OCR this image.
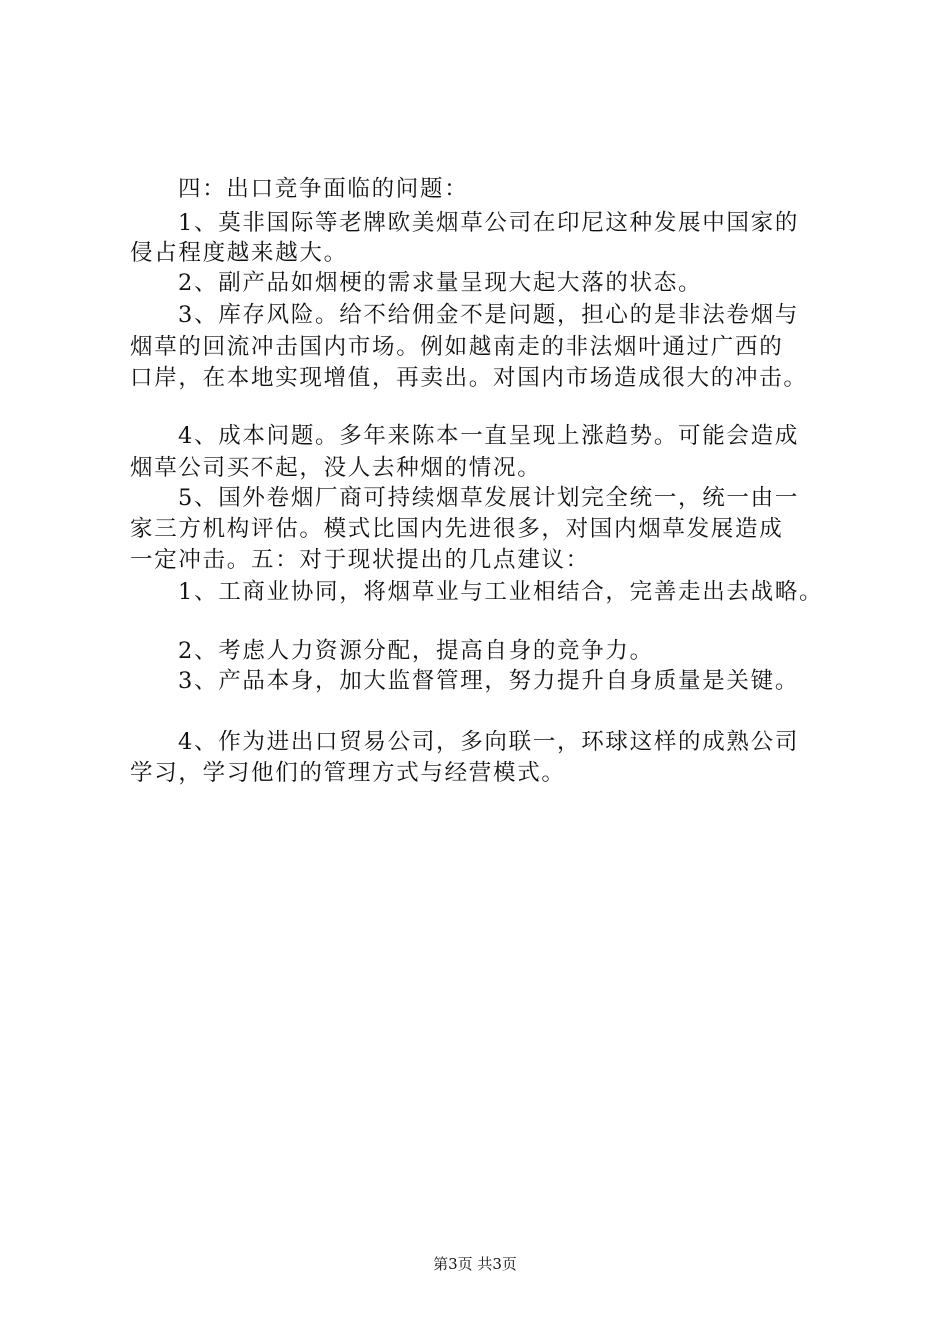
四：出口竞争面临的问题：
1、莫非国际等老牌欧美烟草公司在印尼这种发展中国家的
侵占程度越来越大。
2、副产品如烟梗的需求量呈现大起大落的状态。
3、库存风险。给不给佣金不是问题，担心的是非法卷烟与
烟草的回流冲击国内市场。例如越南走的非法烟叶通过广西的
口岸，在本地实现增值，再卖出。对国内市场造成很大的冲击。
4、成本问题。多年来陈本一直呈现上涨趋势。可能会造成
烟草公司买不起，没人去种烟的情况。
5、国外卷烟厂商可持续烟草发展计划完全统一，统一由一
家三方机构评估。模式比国内先进很多，对国内烟草发展造成
一定冲击。五：对于现状提出的几点建议：
1、工商业协同，将烟草业与工业相结合，完善走出去战略。
2、考虑人力资源分配，提高自身的竞争力。
3、产品本身，加大监督管理，努力提升自身质量是关键。
4、作为进出口贸易公司，多向联一，环球这样的成熟公司
学习，学习他们的管理方式与经营模式。
第3页 共3页
